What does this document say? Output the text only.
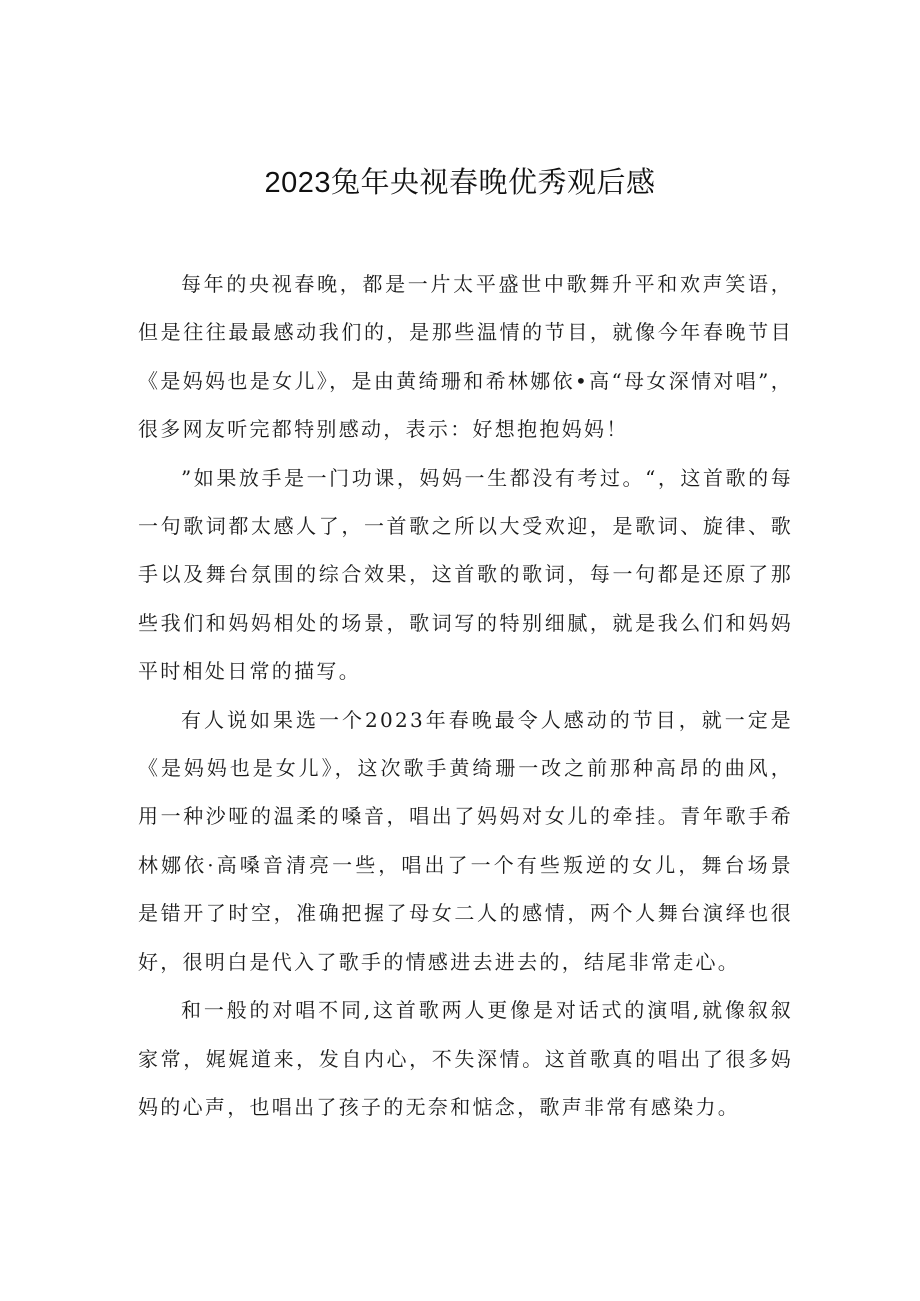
2023兔年央视春晚优秀观后感

每年的央视春晚，都是一片太平盛世中歌舞升平和欢声笑语，但是往往最最感动我们的，是那些温情的节目，就像今年春晚节目《是妈妈也是女儿》，是由黄绮珊和希林娜依•高“母女深情对唱”，很多网友听完都特别感动，表示：好想抱抱妈妈！

”如果放手是一门功课，妈妈一生都没有考过。“，这首歌的每一句歌词都太感人了，一首歌之所以大受欢迎，是歌词、旋律、歌手以及舞台氛围的综合效果，这首歌的歌词，每一句都是还原了那些我们和妈妈相处的场景，歌词写的特别细腻，就是我么们和妈妈平时相处日常的描写。

有人说如果选一个2023年春晚最令人感动的节目，就一定是《是妈妈也是女儿》，这次歌手黄绮珊一改之前那种高昂的曲风，用一种沙哑的温柔的嗓音，唱出了妈妈对女儿的牵挂。青年歌手希林娜依·高嗓音清亮一些，唱出了一个有些叛逆的女儿，舞台场景是错开了时空，准确把握了母女二人的感情，两个人舞台演绎也很好，很明白是代入了歌手的情感进去进去的，结尾非常走心。

和一般的对唱不同,这首歌两人更像是对话式的演唱,就像叙叙家常，娓娓道来，发自内心，不失深情。这首歌真的唱出了很多妈妈的心声，也唱出了孩子的无奈和惦念，歌声非常有感染力。
